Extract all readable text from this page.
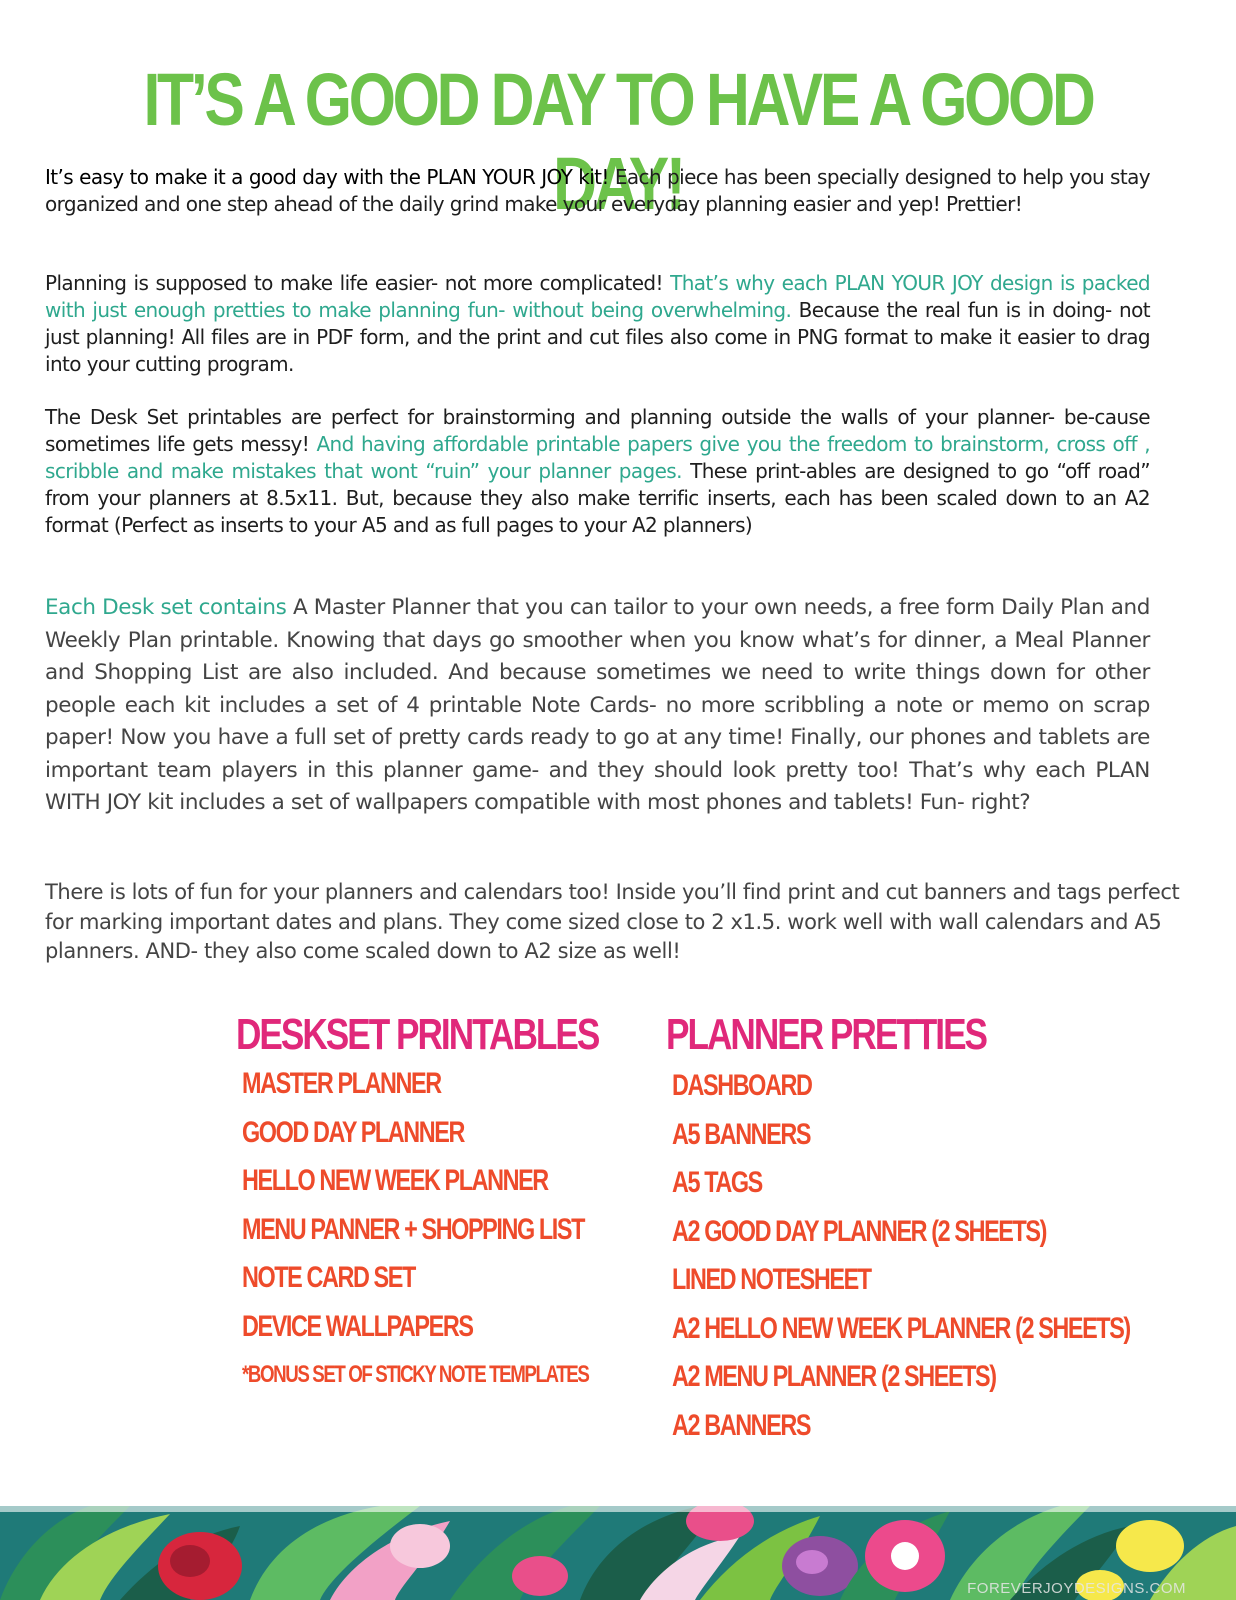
IT’S A GOOD DAY TO HAVE A GOOD DAY!

It’s easy to make it a good day with the PLAN YOUR JOY kit! Each piece has been specially designed to help you stay organized and one step ahead of the daily grind make your everyday planning easier and yep! Prettier!

Planning is supposed to make life easier- not more complicated! That’s why each PLAN YOUR JOY design is packed with just enough pretties to make planning fun- without being overwhelming. Because the real fun is in doing- not just planning! All files are in PDF form, and the print and cut files also come in PNG format to make it easier to drag into your cutting program.

The Desk Set printables are perfect for brainstorming and planning outside the walls of your planner- be-cause sometimes life gets messy! And having affordable printable papers give you the freedom to brainstorm, cross off , scribble and make mistakes that wont “ruin” your planner pages. These print-ables are designed to go “off road” from your planners at 8.5x11. But, because they also make terrific inserts, each has been scaled down to an A2 format (Perfect as inserts to your A5 and as full pages to your A2 planners)

Each Desk set contains A Master Planner that you can tailor to your own needs, a free form Daily Plan and Weekly Plan printable. Knowing that days go smoother when you know what’s for dinner, a Meal Planner and Shopping List are also included. And because sometimes we need to write things down for other people each kit includes a set of 4 printable Note Cards- no more scribbling a note or memo on scrap paper! Now you have a full set of pretty cards ready to go at any time! Finally, our phones and tablets are important team players in this planner game- and they should look pretty too! That’s why each PLAN WITH JOY kit includes a set of wallpapers compatible with most phones and tablets! Fun- right?

There is lots of fun for your planners and calendars too! Inside you’ll find print and cut banners and tags perfect for marking important dates and plans. They come sized close to 2 x1.5. work well with wall calendars and A5 planners. AND- they also come scaled down to A2 size as well!

DESKSET PRINTABLES PLANNER PRETTIES
MASTER PLANNER
GOOD DAY PLANNER
HELLO NEW WEEK PLANNER
MENU PANNER + SHOPPING LIST
NOTE CARD SET
DEVICE WALLPAPERS
*BONUS SET OF STICKY NOTE TEMPLATES
DASHBOARD
A5 BANNERS
A5 TAGS
A2 GOOD DAY PLANNER (2 SHEETS)
LINED NOTESHEET
A2 HELLO NEW WEEK PLANNER (2 SHEETS)
A2 MENU PLANNER (2 SHEETS)
A2 BANNERS
FOREVERJOYDESIGNS.COM
